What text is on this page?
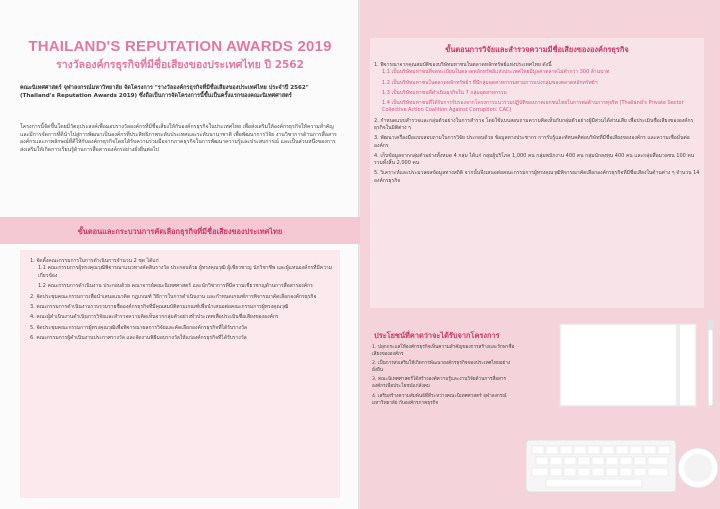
THAILAND'S REPUTATION AWARDS 2019
รางวัลองค์กรธุรกิจที่มีชื่อเสียงของประเทศไทย ปี 2562
คณะนิเทศศาสตร์ จุฬาลงกรณ์มหาวิทยาลัย จัดโครงการ "รางวัลองค์กรธุรกิจที่มีชื่อเสียงของประเทศไทย ประจำปี 2562" (Thailand's Reputation Awards 2019) ซึ่งถือเป็นการจัดโครงการนี้ขึ้นเป็นครั้งแรกของคณะนิเทศศาสตร์
โครงการนี้จัดขึ้นโดยมีวัตถุประสงค์เพื่อมอบรางวัลองค์กรที่มีชื่อเสียงให้กับองค์กรธุรกิจในประเทศไทย เพื่อส่งเสริมให้องค์กรธุรกิจให้ความสำคัญและมีการจัดการที่ดีนำไปสู่การพัฒนาเป็นองค์กรที่ประสิทธิภาพระดับประเทศและระดับนานาชาติ เพื่อพัฒนาการวิจัย งานวิชาการด้านการสื่อสารองค์กรและภาพลักษณ์ที่ดีให้กับองค์กรธุรกิจโดยได้รับความร่วมมือจากภาคธุรกิจในการพัฒนาความรู้และประสบการณ์ และเป็นส่วนหนึ่งของการส่งเสริมให้เกิดการเรียนรู้ด้านการสื่อสารองค์กรอย่างยั่งยืนต่อไป
ขั้นตอนและกระบวนการคัดเลือกธุรกิจที่มีชื่อเสียงของประเทศไทย
1. จัดตั้งคณะกรรมการในการดำเนินการจำนวน 2 ชุด ได้แก่
1.1 คณะกรรมการผู้ทรงคุณวุฒิพิจารณาแนวทางคัดสินรางวัล ประกอบด้วย ผู้ทรงคุณวุฒิ ผู้เชี่ยวชาญ นักวิชาชีพ และผู้แทนองค์กรที่มีความเกี่ยวข้อง
1.2 คณะกรรมการดำเนินงาน ประกอบด้วย คณาจารย์คณะนิเทศศาสตร์ และนักวิชาการที่มีความเชี่ยวชาญด้านการสื่อสารองค์กร
2. จัดประชุมคณะกรรมการเพื่อนำเสนอแนวคิด กฎเกณฑ์ วิธีการในการดำเนินงาน และกำหนดเกณฑ์การพิจารณาคัดเลือกองค์กรธุรกิจ
3. คณะกรรมการดำเนินงานรวบรวมรายชื่อองค์กรธุรกิจที่มีคุณสมบัติตามเกณฑ์เพื่อนำเสนอต่อคณะกรรมการผู้ทรงคุณวุฒิ
4. คณะผู้ดำเนินงานดำเนินการวิจัยและสำรวจความคิดเห็นจากกลุ่มตัวอย่างทั่วประเทศเพื่อประเมินชื่อเสียงขององค์กร
5. จัดประชุมคณะกรรมการผู้ทรงคุณวุฒิเพื่อพิจารณาผลการวิจัยและคัดเลือกองค์กรธุรกิจที่ได้รับรางวัล
6. คณะกรรมการผู้ดำเนินงานประกาศรางวัล และจัดงานพิธีมอบรางวัลให้แก่องค์กรธุรกิจที่ได้รับรางวัล
ขั้นตอนการวิจัยและสำรวจความมีชื่อเสียงขององค์กรธุรกิจ
1. พิจารณาจากคุณสมบัติของบริษัทมหาชนในตลาดหลักทรัพย์แห่งประเทศไทย ดังนี้
1.1 เป็นบริษัทมหาชนที่จดทะเบียนในตลาดหลักทรัพย์แห่งประเทศไทยมีมูลค่าตลาดไม่ต่ำกว่า 300 ล้านบาท
1.2 เป็นบริษัทมหาชนในตลาดหลักทรัพย์ฯ ที่มีกลุ่มอุตสาหกรรมตามการแบ่งกลุ่มของตลาดหลักทรัพย์ฯ
1.3 เป็นบริษัทมหาชนที่ดำเนินธุรกิจใน 7 กลุ่มอุตสาหกรรม
1.4 เป็นบริษัทมหาชนที่ได้รับการรับรองจากโครงการแนวร่วมปฏิบัติของภาคเอกชนไทยในการต่อต้านการทุจริต (Thailand's Private Sector Collective Action Coalition Against Corruption: CAC)
2. กำหนดแบบสำรวจและกลุ่มตัวอย่างในการสำรวจ โดยใช้แบบสอบถามความคิดเห็นกับกลุ่มตัวอย่างผู้มีส่วนได้ส่วนเสีย เพื่อประเมินชื่อเสียงขององค์กรธุรกิจในมิติต่าง ๆ
3. พัฒนาเครื่องมือแบบสอบถามในการวิจัย ประกอบด้วย ข้อมูลทางประชากร การรับรู้และทัศนคติต่อบริษัทที่มีชื่อเสียงขององค์กร และความเชื่อมั่นต่อองค์กร
4. เก็บข้อมูลจากกลุ่มตัวอย่างทั้งหมด 4 กลุ่ม ได้แก่ กลุ่มผู้บริโภค 1,000 คน กลุ่มพนักงาน 400 คน กลุ่มนักลงทุน 400 คน และกลุ่มสื่อมวลชน 100 คน รวมทั้งสิ้น 2,000 คน
5. วิเคราะห์และประมวลผลข้อมูลทางสถิติ จากนั้นจึงเสนอต่อคณะกรรมการผู้ทรงคุณวุฒิพิจารณาคัดเลือกองค์กรธุรกิจที่มีชื่อเสียงในด้านต่าง ๆ จำนวน 14 องค์กรธุรกิจ
ประโยชน์ที่คาดว่าจะได้รับจากโครงการ
1. ปลุกกระแสให้องค์กรธุรกิจเห็นความสำคัญของการสร้างและรักษาชื่อเสียงขององค์กร
2. เป็นการส่งเสริมให้เกิดการพัฒนาองค์กรธุรกิจของประเทศไทยอย่างยั่งยืน
3. คณะนิเทศศาสตร์ได้สร้างองค์ความรู้และงานวิจัยด้านการสื่อสารองค์กรเพื่อประโยชน์แก่สังคม
4. เสริมสร้างความสัมพันธ์ที่ดีระหว่างคณะนิเทศศาสตร์ จุฬาลงกรณ์มหาวิทยาลัย กับองค์กรภาคธุรกิจ
